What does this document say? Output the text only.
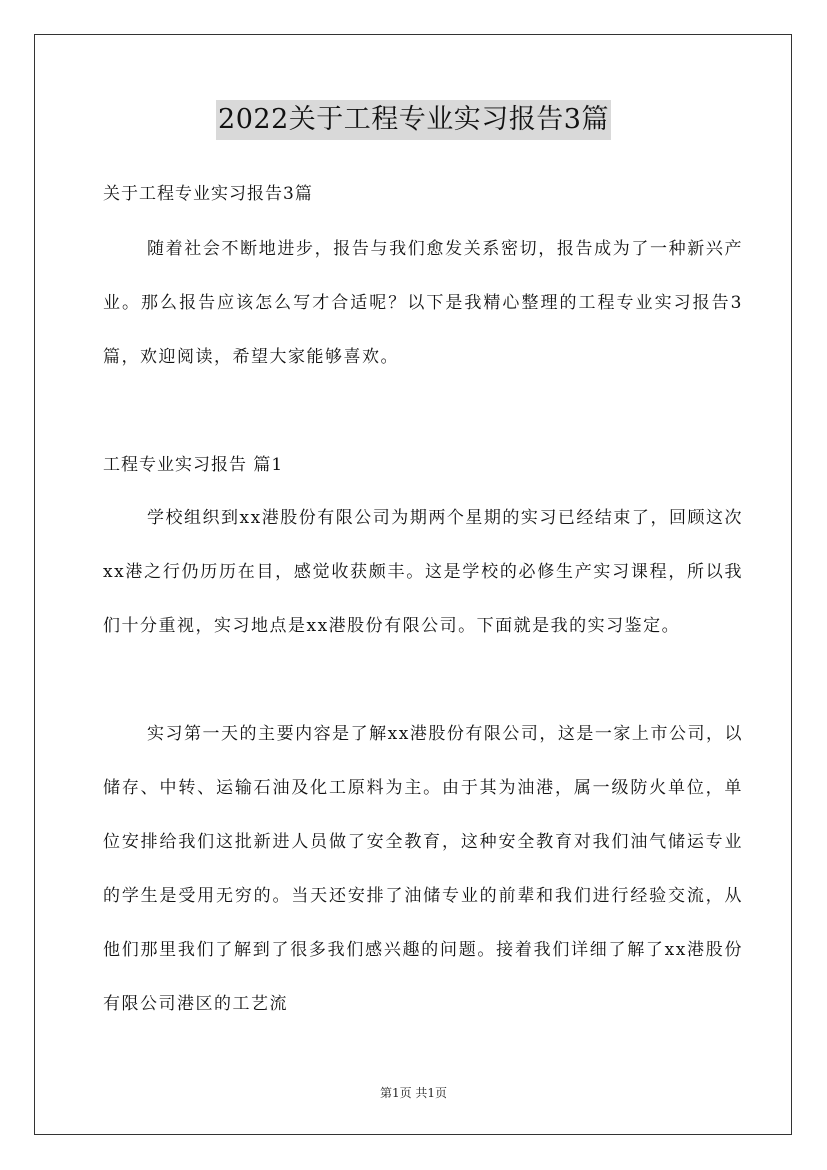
2022关于工程专业实习报告3篇
关于工程专业实习报告3篇
随着社会不断地进步，报告与我们愈发关系密切，报告成为了一种新兴产业。那么报告应该怎么写才合适呢？以下是我精心整理的工程专业实习报告3篇，欢迎阅读，希望大家能够喜欢。
工程专业实习报告 篇1
学校组织到xx港股份有限公司为期两个星期的实习已经结束了，回顾这次xx港之行仍历历在目，感觉收获颇丰。这是学校的必修生产实习课程，所以我们十分重视，实习地点是xx港股份有限公司。下面就是我的实习鉴定。
实习第一天的主要内容是了解xx港股份有限公司，这是一家上市公司，以储存、中转、运输石油及化工原料为主。由于其为油港，属一级防火单位，单位安排给我们这批新进人员做了安全教育，这种安全教育对我们油气储运专业的学生是受用无穷的。当天还安排了油储专业的前辈和我们进行经验交流，从他们那里我们了解到了很多我们感兴趣的问题。接着我们详细了解了xx港股份有限公司港区的工艺流
第1页 共1页
